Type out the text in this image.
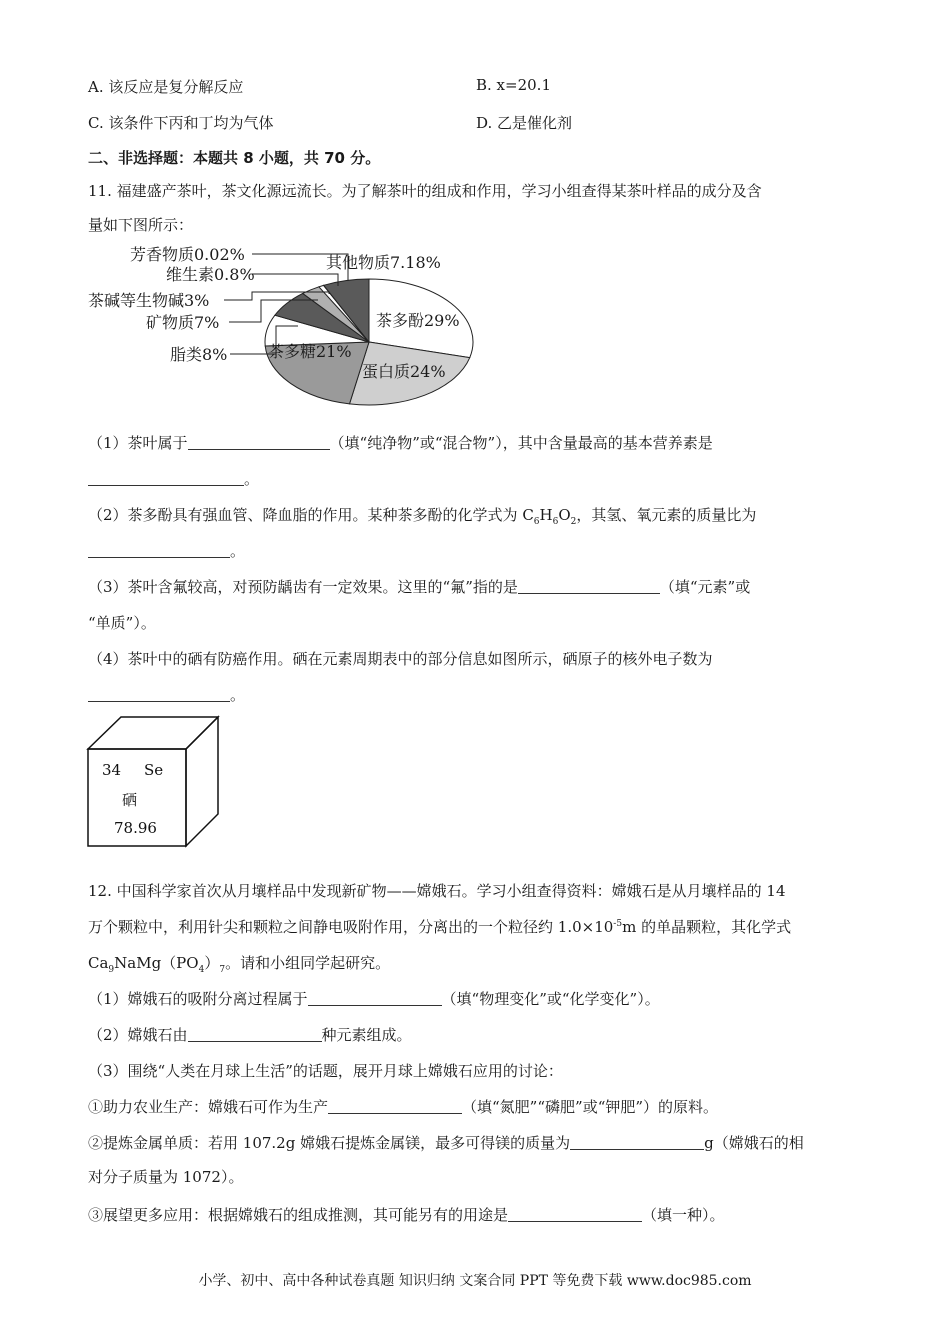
A. 该反应是复分解反应	B. x=20.1
C. 该条件下丙和丁均为气体	D. 乙是催化剂
二、非选择题：本题共 8 小题，共 70 分。
11. 福建盛产茶叶，茶文化源远流长。为了解茶叶的组成和作用，学习小组查得某茶叶样品的成分及含
量如下图所示：
芳香物质0.02%
维生素0.8%
茶碱等生物碱3%
矿物质7%
脂类8%
其他物质7.18%
茶多酚29%
蛋白质24%
茶多糖21%
（1）茶叶属于	（填“纯净物”或“混合物”），其中含量最高的基本营养素是
。
（2）茶多酚具有强血管、降血脂的作用。某种茶多酚的化学式为 $C_6H_6O_2$，其氢、氧元素的质量比为
。
（3）茶叶含氟较高，对预防龋齿有一定效果。这里的“氟”指的是	（填“元素”或
“单质”）。
（4）茶叶中的硒有防癌作用。硒在元素周期表中的部分信息如图所示，硒原子的核外电子数为
。
34 Se
硒
78.96
12. 中国科学家首次从月壤样品中发现新矿物——嫦娥石。学习小组查得资料：嫦娥石是从月壤样品的 14
万个颗粒中，利用针尖和颗粒之间静电吸附作用，分离出的一个粒径约 $1.0\times 10^{-5}m$ 的单晶颗粒，其化学式
$Ca_9NaMg(PO_4)_7$。请和小组同学起研究。
（1）嫦娥石的吸附分离过程属于	（填“物理变化”或“化学变化”）。
（2）嫦娥石由	种元素组成。
（3）围绕“人类在月球上生活”的话题，展开月球上嫦娥石应用的讨论：
①助力农业生产：嫦娥石可作为生产	（填“氮肥”“磷肥”或“钾肥”）的原料。
②提炼金属单质：若用 107.2g 嫦娥石提炼金属镁，最多可得镁的质量为	g（嫦娥石的相
对分子质量为 1072）。
③展望更多应用：根据嫦娥石的组成推测，其可能另有的用途是	（填一种）。
小学、初中、高中各种试卷真题 知识归纳 文案合同 PPT 等免费下载 www.doc985.com
